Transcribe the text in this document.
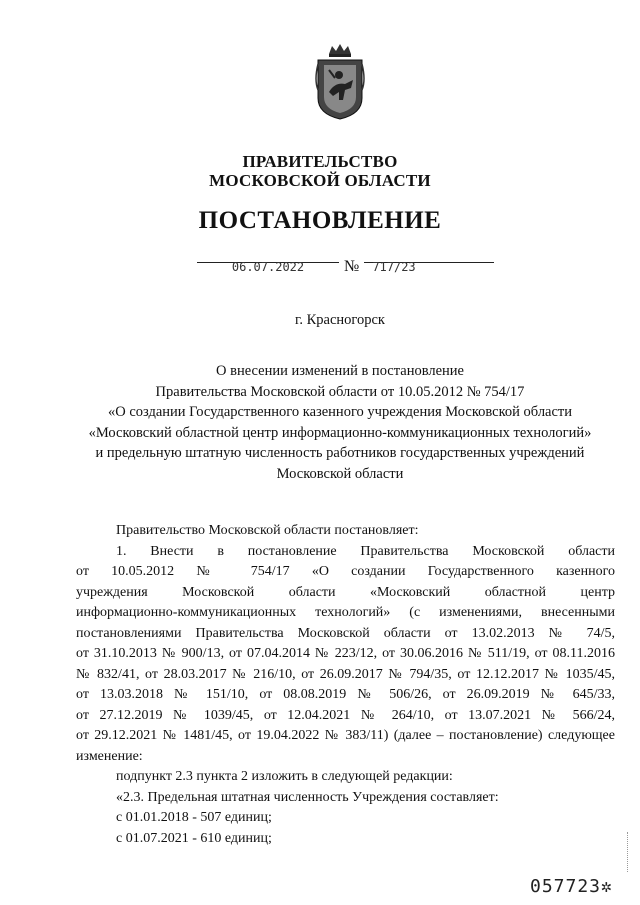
ПРАВИТЕЛЬСТВО
МОСКОВСКОЙ ОБЛАСТИ
ПОСТАНОВЛЕНИЕ
06.07.2022	№	717/23
г. Красногорск
О внесении изменений в постановление
Правительства Московской области от 10.05.2012 № 754/17
«О создании Государственного казенного учреждения Московской области
«Московский областной центр информационно-коммуникационных технологий»
и предельную штатную численность работников государственных учреждений
Московской области

Правительство Московской области постановляет:

1. Внести в постановление Правительства Московской области

от 10.05.2012 № 754/17 «О создании Государственного казенного

учреждения Московской области «Московский областной центр

информационно-коммуникационных технологий» (с изменениями, внесенными

постановлениями Правительства Московской области от 13.02.2013 № 74/5,

от 31.10.2013 № 900/13, от 07.04.2014 № 223/12, от 30.06.2016 № 511/19, от 08.11.2016

№ 832/41, от 28.03.2017 № 216/10, от 26.09.2017 № 794/35, от 12.12.2017 № 1035/45,

от 13.03.2018 № 151/10, от 08.08.2019 № 506/26, от 26.09.2019 № 645/33,

от 27.12.2019 № 1039/45, от 12.04.2021 № 264/10, от 13.07.2021 № 566/24,

от 29.12.2021 № 1481/45, от 19.04.2022 № 383/11) (далее – постановление) следующее

изменение:

подпункт 2.3 пункта 2 изложить в следующей редакции:

«2.3. Предельная штатная численность Учреждения составляет:

с 01.01.2018 - 507 единиц;

с 01.07.2021 - 610 единиц;

057723✲
